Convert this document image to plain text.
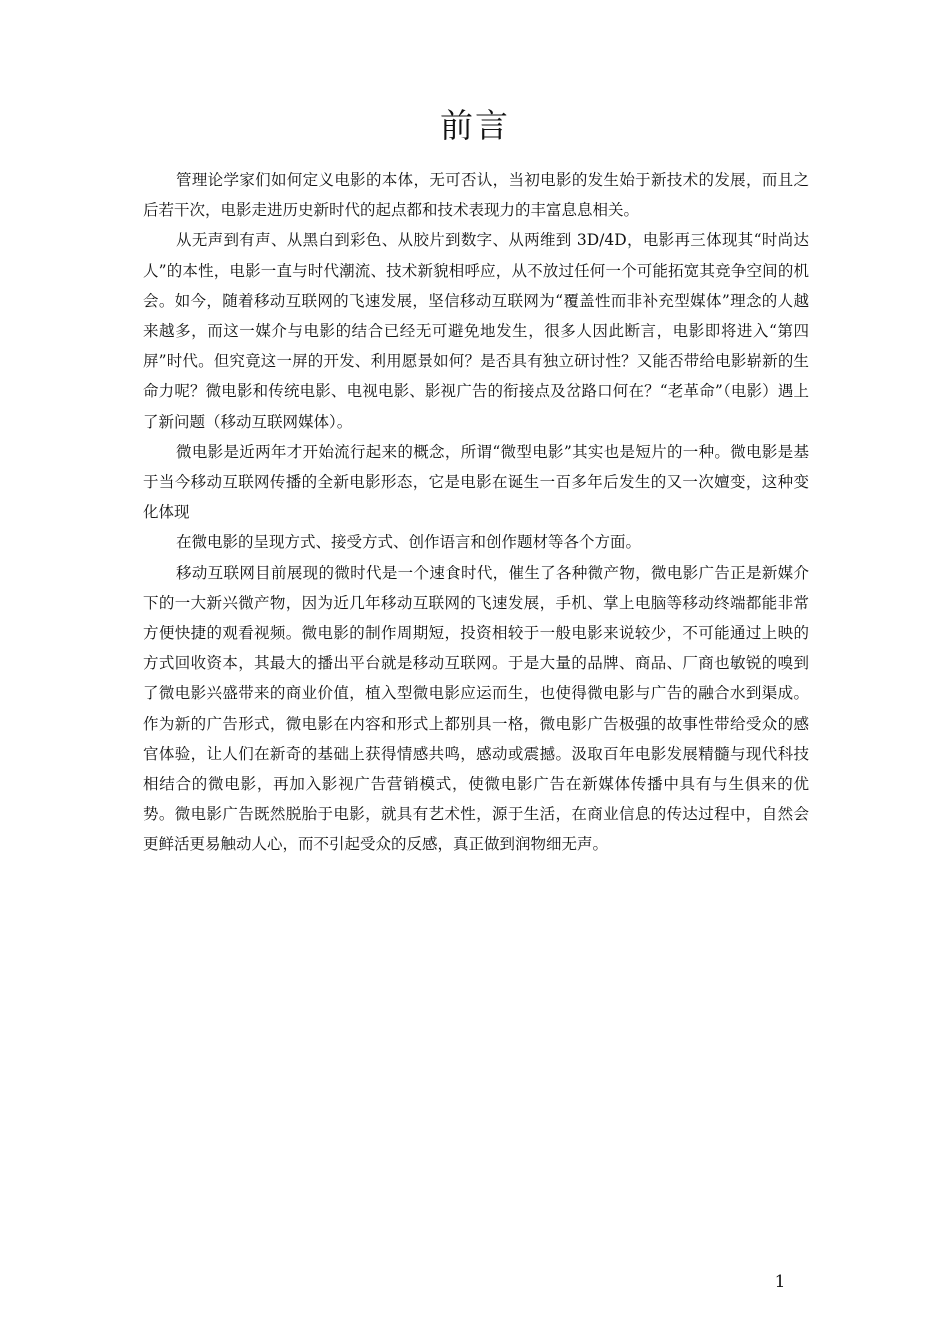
前言

管理论学家们如何定义电影的本体，无可否认，当初电影的发生始于新技术的发展，而且之后若干次，电影走进历史新时代的起点都和技术表现力的丰富息息相关。

从无声到有声、从黑白到彩色、从胶片到数字、从两维到 3D/4D，电影再三体现其“时尚达人”的本性，电影一直与时代潮流、技术新貌相呼应，从不放过任何一个可能拓宽其竞争空间的机会。如今，随着移动互联网的飞速发展，坚信移动互联网为“覆盖性而非补充型媒体”理念的人越来越多，而这一媒介与电影的结合已经无可避免地发生，很多人因此断言，电影即将进入“第四屏”时代。但究竟这一屏的开发、利用愿景如何？是否具有独立研讨性？又能否带给电影崭新的生命力呢？微电影和传统电影、电视电影、影视广告的衔接点及岔路口何在？“老革命”（电影）遇上了新问题（移动互联网媒体）。

微电影是近两年才开始流行起来的概念，所谓“微型电影”其实也是短片的一种。微电影是基于当今移动互联网传播的全新电影形态，它是电影在诞生一百多年后发生的又一次嬗变，这种变化体现

在微电影的呈现方式、接受方式、创作语言和创作题材等各个方面。

移动互联网目前展现的微时代是一个速食时代，催生了各种微产物，微电影广告正是新媒介下的一大新兴微产物，因为近几年移动互联网的飞速发展，手机、掌上电脑等移动终端都能非常方便快捷的观看视频。微电影的制作周期短，投资相较于一般电影来说较少，不可能通过上映的方式回收资本，其最大的播出平台就是移动互联网。于是大量的品牌、商品、厂商也敏锐的嗅到了微电影兴盛带来的商业价值，植入型微电影应运而生，也使得微电影与广告的融合水到渠成。作为新的广告形式，微电影在内容和形式上都别具一格，微电影广告极强的故事性带给受众的感官体验，让人们在新奇的基础上获得情感共鸣，感动或震撼。汲取百年电影发展精髓与现代科技相结合的微电影，再加入影视广告营销模式，使微电影广告在新媒体传播中具有与生俱来的优势。微电影广告既然脱胎于电影，就具有艺术性，源于生活，在商业信息的传达过程中，自然会更鲜活更易触动人心，而不引起受众的反感，真正做到润物细无声。

1
